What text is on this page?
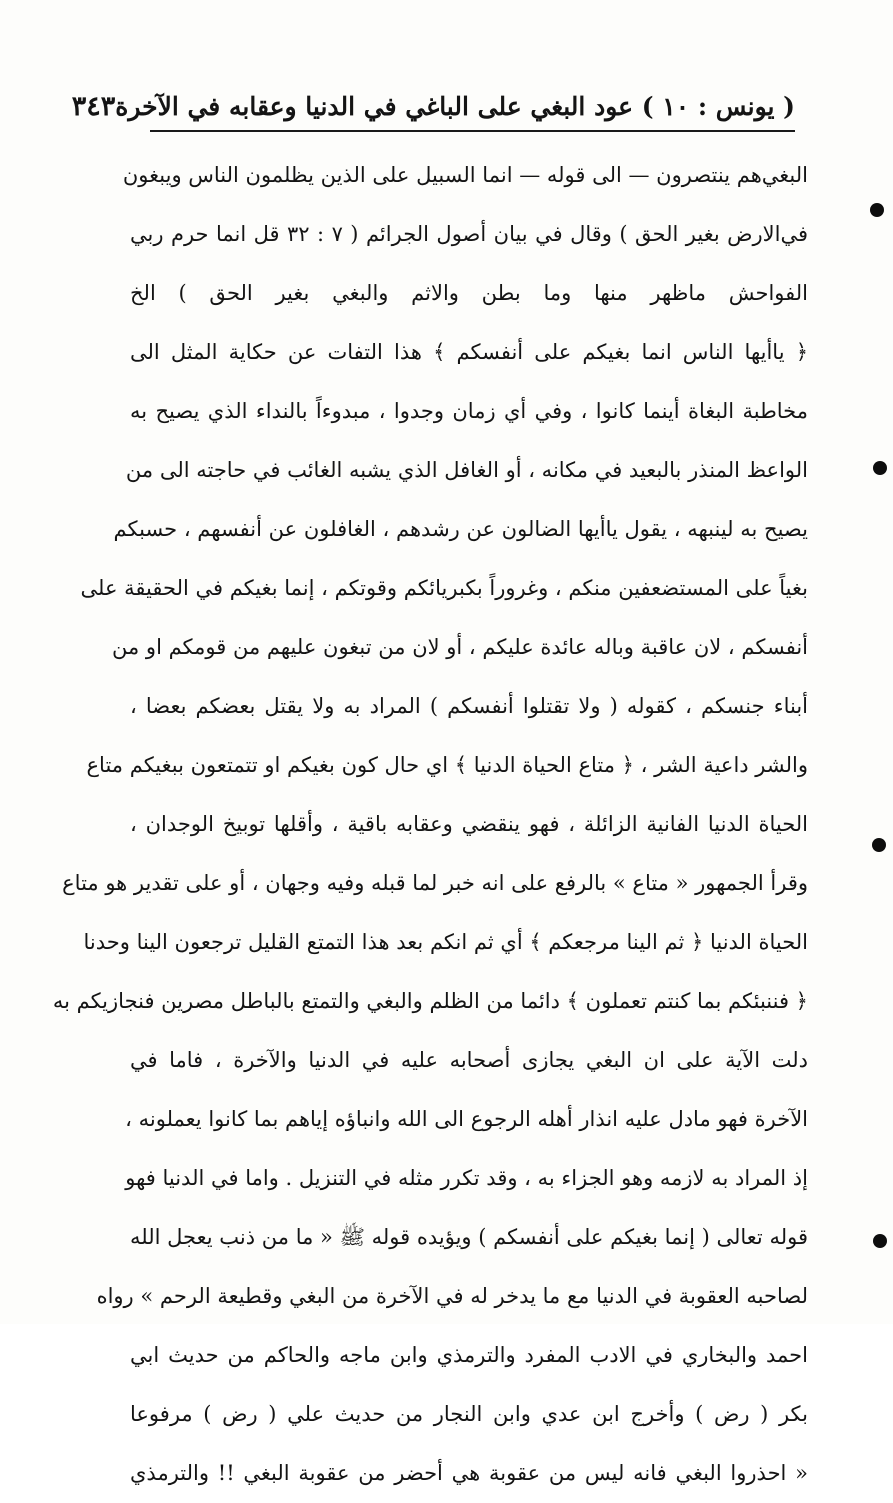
( يونس : ١٠ ) عود البغي على الباغي في الدنيا وعقابه في الآخرة
٣٤٣
البغي‌هم ينتصرون — الى قوله — انما السبيل على الذين يظلمون الناس ويبغون
في‌الارض بغير الحق ) وقال في بيان أصول الجرائم ( ٧ : ٣٢ قل انما حرم ربي
الفواحش ماظهر منها وما بطن والاثم والبغي بغير الحق ) الخ
﴿ ياأيها الناس انما بغيكم على أنفسكم ﴾ هذا التفات عن حكاية المثل الى
مخاطبة البغاة أينما كانوا ، وفي أي زمان وجدوا ، مبدوءاً بالنداء الذي يصيح به
الواعظ المنذر بالبعيد في مكانه ، أو الغافل الذي يشبه الغائب في حاجته الى من
يصيح به لينبهه ، يقول ياأيها الضالون عن رشدهم ، الغافلون عن أنفسهم ، حسبكم
بغياً على المستضعفين منكم ، وغروراً بكبريائكم وقوتكم ، إنما بغيكم في الحقيقة على
أنفسكم ، لان عاقبة وباله عائدة عليكم ، أو لان من تبغون عليهم من قومكم او من
أبناء جنسكم ، كقوله ( ولا تقتلوا أنفسكم ) المراد به ولا يقتل بعضكم بعضا ،
والشر داعية الشر ، ﴿ متاع الحياة الدنيا ﴾ اي حال كون بغيكم او تتمتعون ببغيكم متاع
الحياة الدنيا الفانية الزائلة ، فهو ينقضي وعقابه باقية ، وأقلها توبيخ الوجدان ،
وقرأ الجمهور « متاع » بالرفع على انه خبر لما قبله وفيه وجهان ، أو على تقدير هو متاع
الحياة الدنيا ﴿ ثم الينا مرجعكم ﴾ أي ثم انكم بعد هذا التمتع القليل ترجعون الينا وحدنا
﴿ فننبئكم بما كنتم تعملون ﴾ دائما من الظلم والبغي والتمتع بالباطل مصرين فنجازيكم به
دلت الآية على ان البغي يجازى أصحابه عليه في الدنيا والآخرة ، فاما في
الآخرة فهو مادل عليه انذار أهله الرجوع الى الله وانباؤه إياهم بما كانوا يعملونه ،
إذ المراد به لازمه وهو الجزاء به ، وقد تكرر مثله في التنزيل . واما في الدنيا فهو
قوله تعالى ( إنما بغيكم على أنفسكم ) ويؤيده قوله ﷺ « ما من ذنب يعجل الله
لصاحبه العقوبة في الدنيا مع ما يدخر له في الآخرة من البغي وقطيعة الرحم » رواه
احمد والبخاري في الادب المفرد والترمذي وابن ماجه والحاكم من حديث ابي
بكر ( رض ) وأخرج ابن عدي وابن النجار من حديث علي ( رض ) مرفوعا
« احذروا البغي فانه ليس من عقوبة هي أحضر من عقوبة البغي !! والترمذي
